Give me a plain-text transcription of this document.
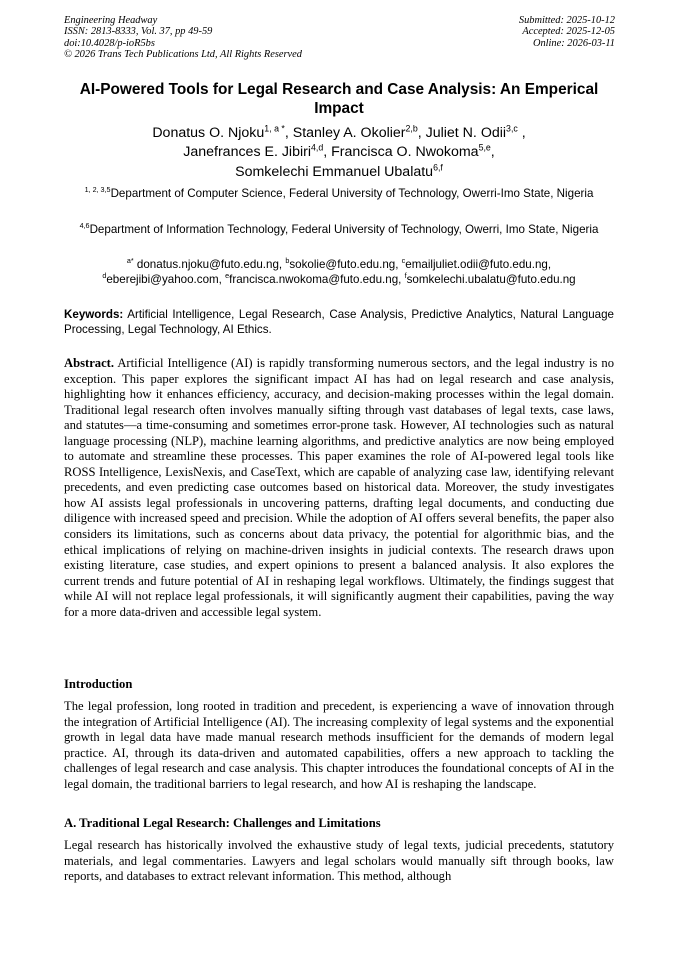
Engineering Headway
ISSN: 2813-8333, Vol. 37, pp 49-59
doi:10.4028/p-ioR5bs
© 2026 Trans Tech Publications Ltd, All Rights Reserved
Submitted: 2025-10-12
Accepted: 2025-12-05
Online: 2026-03-11
AI-Powered Tools for Legal Research and Case Analysis: An Emperical Impact
Donatus O. Njoku$^{1, a *}$, Stanley A. Okolier$^{2,b}$, Juliet N. Odii$^{3,c}$ ,
Janefrances E. Jibiri$^{4,d}$, Francisca O. Nwokoma$^{5,e}$,
Somkelechi Emmanuel Ubalatu$^{6,f}$
$^{1, 2, 3,5}$Department of Computer Science, Federal University of Technology, Owerri-Imo State, Nigeria
$^{4,6}$Department of Information Technology, Federal University of Technology, Owerri, Imo State, Nigeria
$^{a*}$ donatus.njoku@futo.edu.ng, $^b$sokolie@futo.edu.ng, $^c$emailjuliet.odii@futo.edu.ng,
$^d$eberejibi@yahoo.com, $^e$francisca.nwokoma@futo.edu.ng, $^f$somkelechi.ubalatu@futo.edu.ng
Keywords: Artificial Intelligence, Legal Research, Case Analysis, Predictive Analytics, Natural Language Processing, Legal Technology, AI Ethics.
Abstract. Artificial Intelligence (AI) is rapidly transforming numerous sectors, and the legal industry is no exception. This paper explores the significant impact AI has had on legal research and case analysis, highlighting how it enhances efficiency, accuracy, and decision-making processes within the legal domain. Traditional legal research often involves manually sifting through vast databases of legal texts, case laws, and statutes—a time-consuming and sometimes error-prone task. However, AI technologies such as natural language processing (NLP), machine learning algorithms, and predictive analytics are now being employed to automate and streamline these processes. This paper examines the role of AI-powered legal tools like ROSS Intelligence, LexisNexis, and CaseText, which are capable of analyzing case law, identifying relevant precedents, and even predicting case outcomes based on historical data. Moreover, the study investigates how AI assists legal professionals in uncovering patterns, drafting legal documents, and conducting due diligence with increased speed and precision. While the adoption of AI offers several benefits, the paper also considers its limitations, such as concerns about data privacy, the potential for algorithmic bias, and the ethical implications of relying on machine-driven insights in judicial contexts. The research draws upon existing literature, case studies, and expert opinions to present a balanced analysis. It also explores the current trends and future potential of AI in reshaping legal workflows. Ultimately, the findings suggest that while AI will not replace legal professionals, it will significantly augment their capabilities, paving the way for a more data-driven and accessible legal system.
Introduction
The legal profession, long rooted in tradition and precedent, is experiencing a wave of innovation through the integration of Artificial Intelligence (AI). The increasing complexity of legal systems and the exponential growth in legal data have made manual research methods insufficient for the demands of modern legal practice. AI, through its data-driven and automated capabilities, offers a new approach to tackling the challenges of legal research and case analysis. This chapter introduces the foundational concepts of AI in the legal domain, the traditional barriers to legal research, and how AI is reshaping the landscape.
A. Traditional Legal Research: Challenges and Limitations
Legal research has historically involved the exhaustive study of legal texts, judicial precedents, statutory materials, and legal commentaries. Lawyers and legal scholars would manually sift through books, law reports, and databases to extract relevant information. This method, although
